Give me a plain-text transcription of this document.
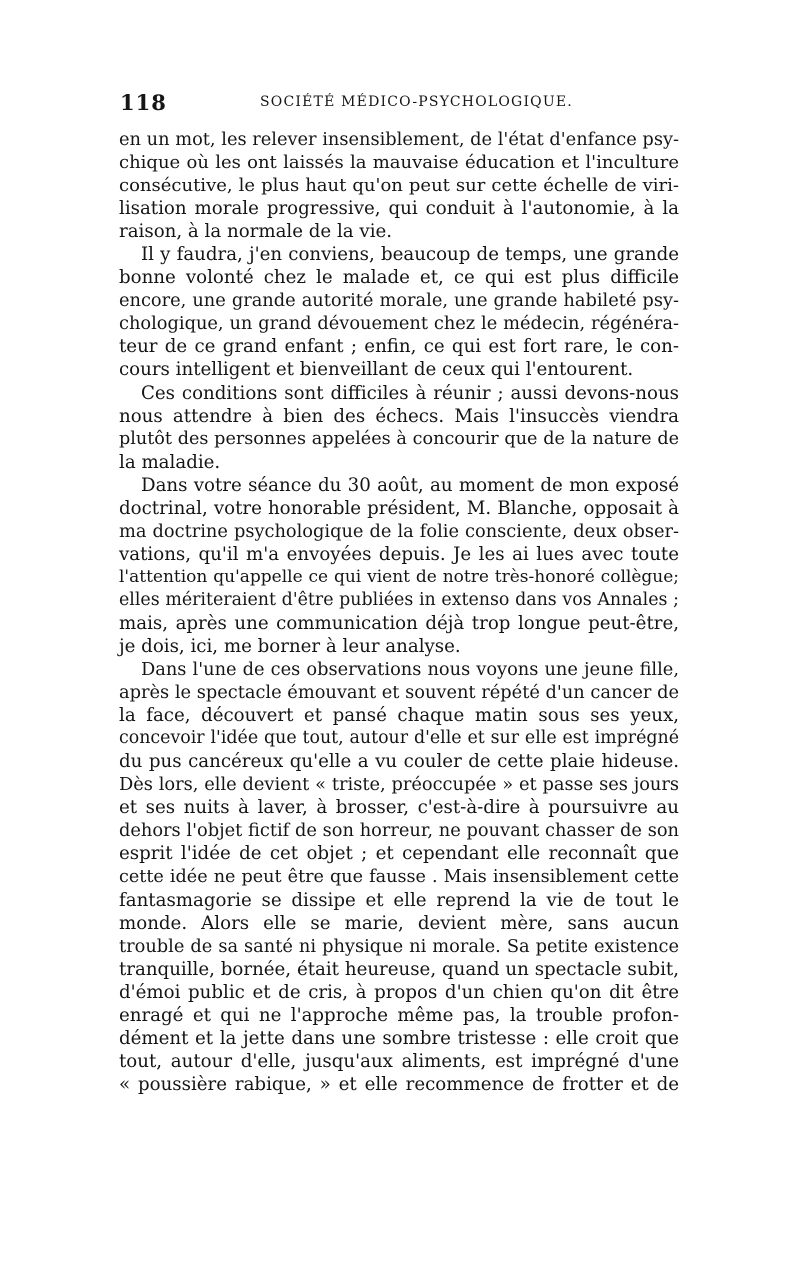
118	SOCIÉTÉ MÉDICO-PSYCHOLOGIQUE.

en un mot, les relever insensiblement, de l'état d'enfance psy-

chique où les ont laissés la mauvaise éducation et l'inculture

consécutive, le plus haut qu'on peut sur cette échelle de viri-

lisation morale progressive, qui conduit à l'autonomie, à la

raison, à la normale de la vie.

Il y faudra, j'en conviens, beaucoup de temps, une grande

bonne volonté chez le malade et, ce qui est plus difficile

encore, une grande autorité morale, une grande habileté psy-

chologique, un grand dévouement chez le médecin, régénéra-

teur de ce grand enfant ; enfin, ce qui est fort rare, le con-

cours intelligent et bienveillant de ceux qui l'entourent.

Ces conditions sont difficiles à réunir ; aussi devons-nous

nous attendre à bien des échecs. Mais l'insuccès viendra

plutôt des personnes appelées à concourir que de la nature de

la maladie.

Dans votre séance du 30 août, au moment de mon exposé

doctrinal, votre honorable président, M. Blanche, opposait à

ma doctrine psychologique de la folie consciente, deux obser-

vations, qu'il m'a envoyées depuis. Je les ai lues avec toute

l'attention qu'appelle ce qui vient de notre très-honoré collègue;

elles mériteraient d'être publiées in extenso dans vos Annales ;

mais, après une communication déjà trop longue peut-être,

je dois, ici, me borner à leur analyse.

Dans l'une de ces observations nous voyons une jeune fille,

après le spectacle émouvant et souvent répété d'un cancer de

la face, découvert et pansé chaque matin sous ses yeux,

concevoir l'idée que tout, autour d'elle et sur elle est imprégné

du pus cancéreux qu'elle a vu couler de cette plaie hideuse.

Dès lors, elle devient « triste, préoccupée » et passe ses jours

et ses nuits à laver, à brosser, c'est-à-dire à poursuivre au

dehors l'objet fictif de son horreur, ne pouvant chasser de son

esprit l'idée de cet objet ; et cependant elle reconnaît que

cette idée ne peut être que fausse . Mais insensiblement cette

fantasmagorie se dissipe et elle reprend la vie de tout le

monde. Alors elle se marie, devient mère, sans aucun

trouble de sa santé ni physique ni morale. Sa petite existence

tranquille, bornée, était heureuse, quand un spectacle subit,

d'émoi public et de cris, à propos d'un chien qu'on dit être

enragé et qui ne l'approche même pas, la trouble profon-

dément et la jette dans une sombre tristesse : elle croit que

tout, autour d'elle, jusqu'aux aliments, est imprégné d'une

« poussière rabique, » et elle recommence de frotter et de
